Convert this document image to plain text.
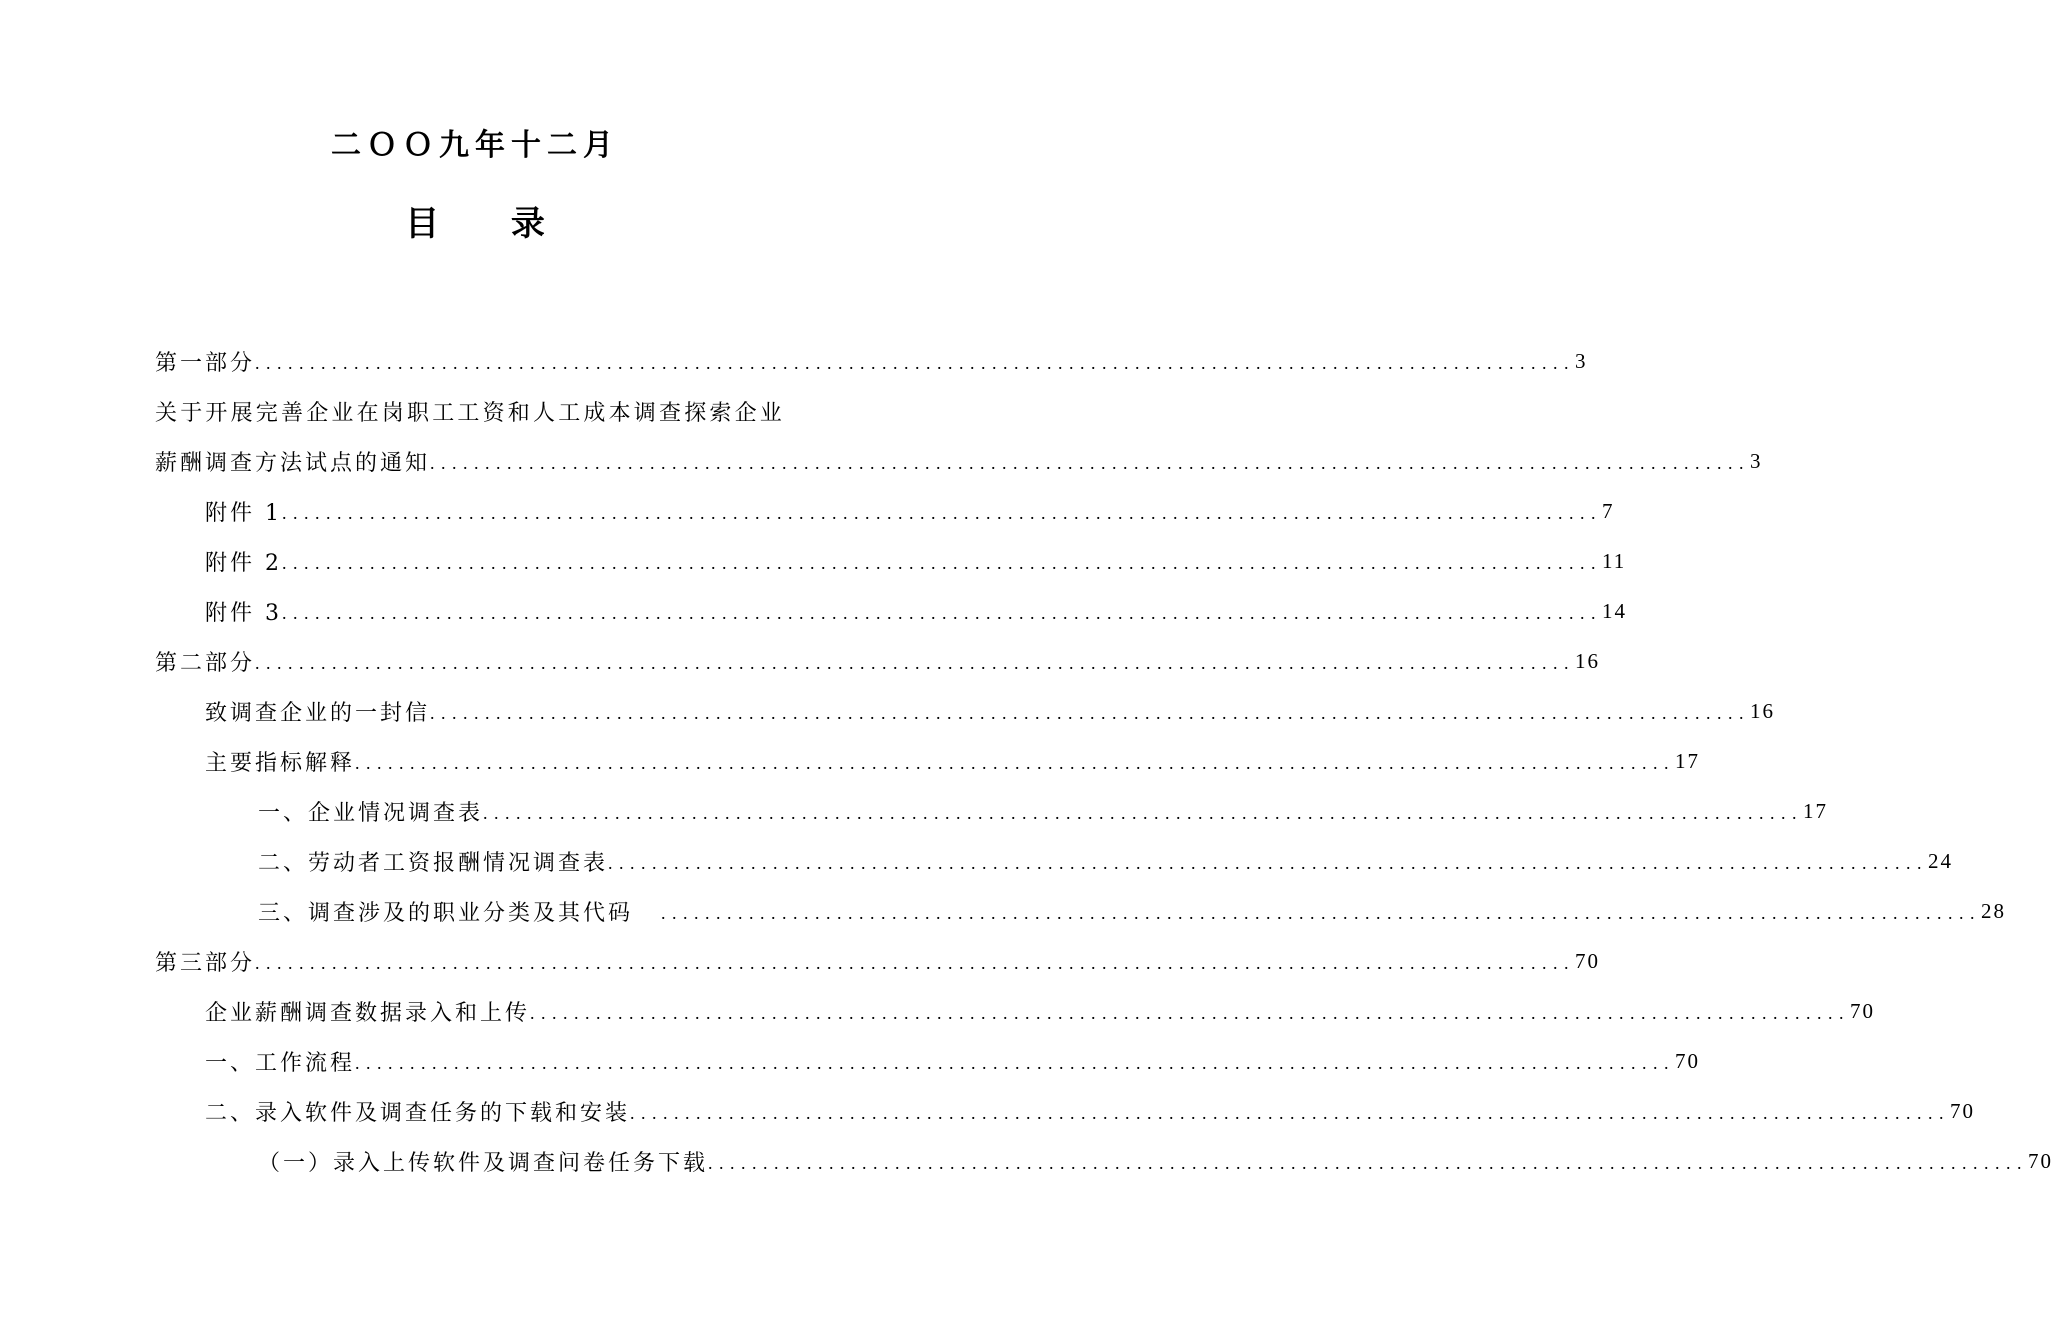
二ＯＯ九年十二月
目 录
第一部分 .....	3
关于开展完善企业在岗职工工资和人工成本调查探索企业
薪酬调查方法试点的通知 .....	3
附件 1 .....	7
附件 2 .....	11
附件 3 .....	14
第二部分 .....	16
致调查企业的一封信 .....	16
主要指标解释 .....	17
一、企业情况调查表 .....	17
二、劳动者工资报酬情况调查表 .....	24
三、调查涉及的职业分类及其代码 .....	28
第三部分 .....	70
企业薪酬调查数据录入和上传 .....	70
一、工作流程 .....	70
二、录入软件及调查任务的下载和安装 .....	70
（一）录入上传软件及调查问卷任务下载 .....	70
